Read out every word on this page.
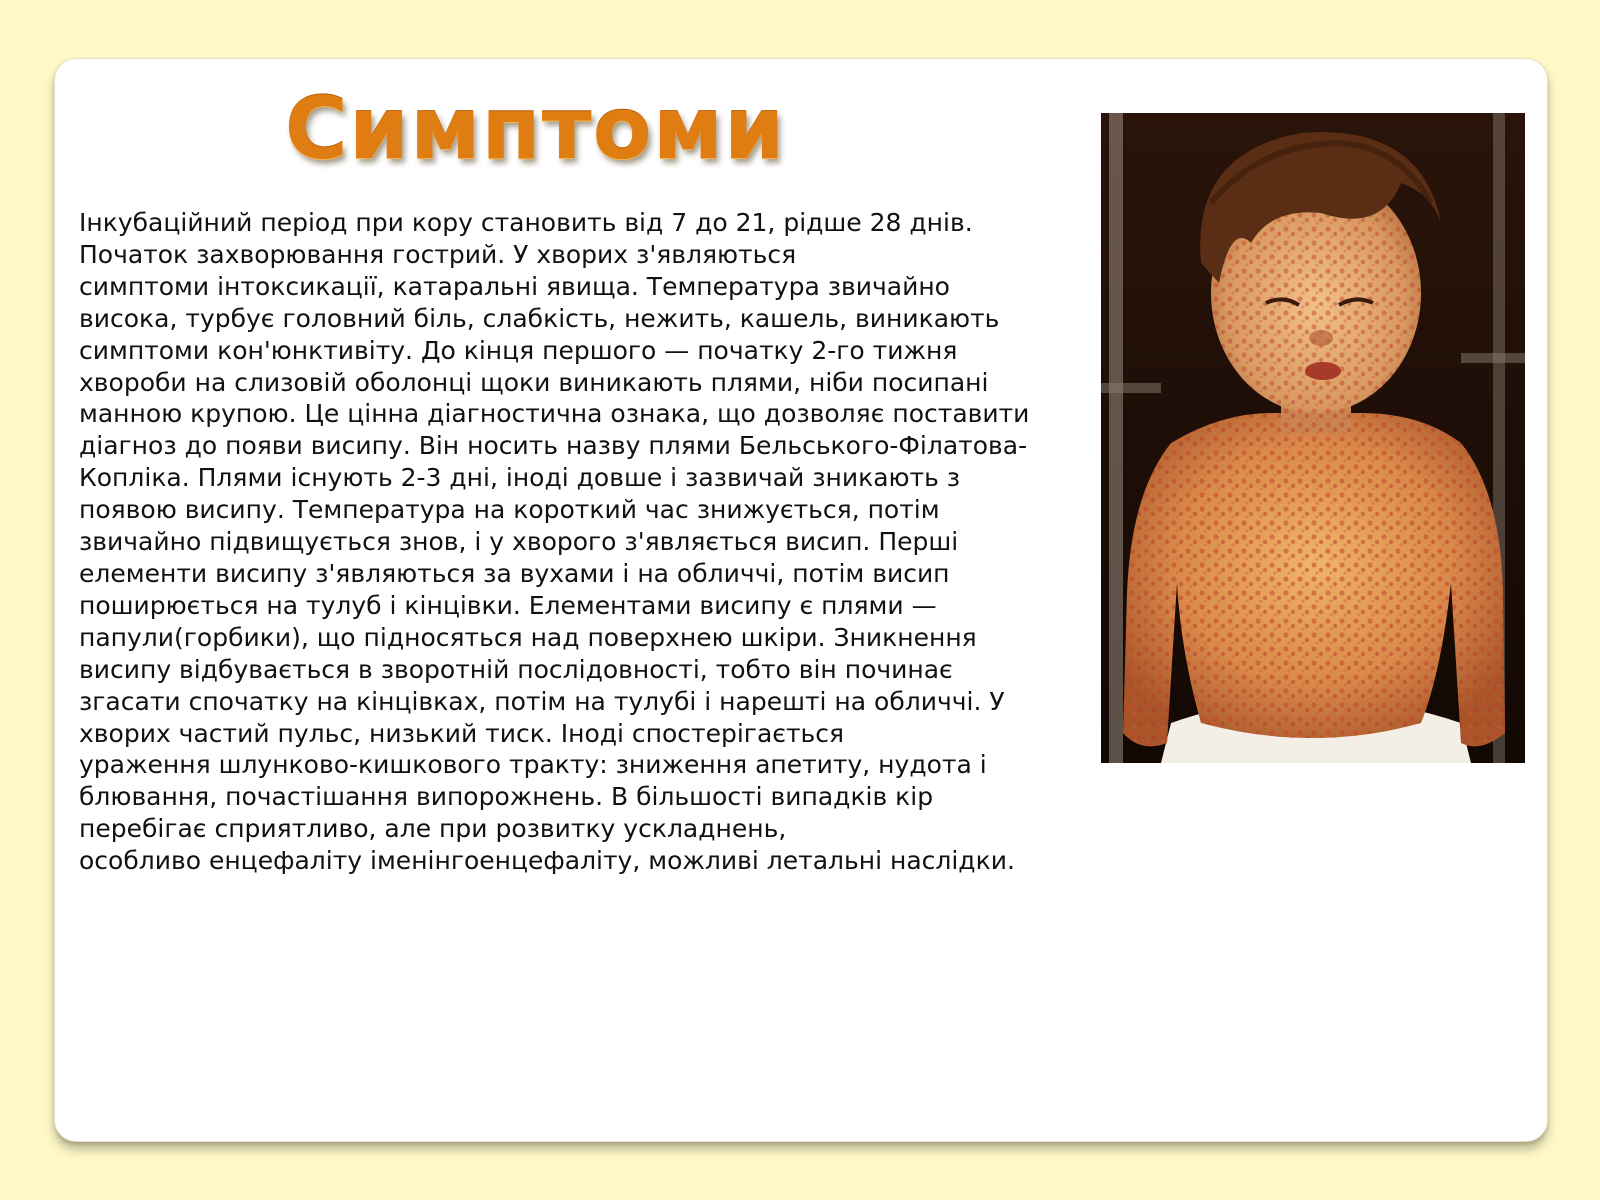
Симптоми

Інкубаційний період при кору становить від 7 до 21, рідше 28 днів.
Початок захворювання гострий. У хворих з'являються
симптоми інтоксикації, катаральні явища. Температура звичайно
висока, турбує головний біль, слабкість, нежить, кашель, виникають
симптоми кон'юнктивіту. До кінця першого — початку 2-го тижня
хвороби на слизовій оболонці щоки виникають плями, ніби посипані
манною крупою. Це цінна діагностична ознака, що дозволяє поставити
діагноз до появи висипу. Він носить назву плями Бельського-Філатова-
Копліка. Плями існують 2-3 дні, іноді довше і зазвичай зникають з
появою висипу. Температура на короткий час знижується, потім
звичайно підвищується знов, і у хворого з'являється висип. Перші
елементи висипу з'являються за вухами і на обличчі, потім висип
поширюється на тулуб і кінцівки. Елементами висипу є плями —
папули(горбики), що підносяться над поверхнею шкіри. Зникнення
висипу відбувається в зворотній послідовності, тобто він починає
згасати спочатку на кінцівках, потім на тулубі і нарешті на обличчі. У
хворих частий пульс, низький тиск. Іноді спостерігається
ураження шлунково-кишкового тракту: зниження апетиту, нудота і
блювання, почастішання випорожнень. В більшості випадків кір
перебігає сприятливо, але при розвитку ускладнень,
особливо енцефаліту іменінгоенцефаліту, можливі летальні наслідки.
